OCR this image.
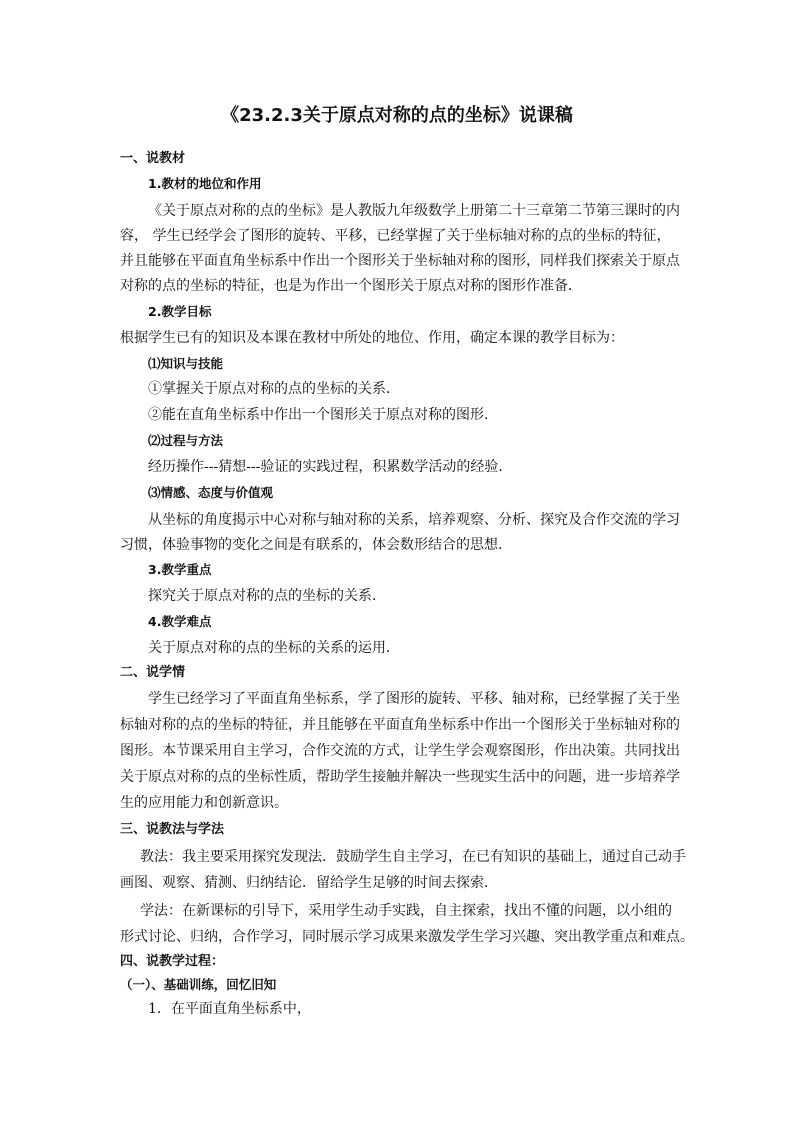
《23.2.3关于原点对称的点的坐标》说课稿
一、说教材
1.教材的地位和作用
《关于原点对称的点的坐标》是人教版九年级数学上册第二十三章第二节第三课时的内
容， 学生已经学会了图形的旋转、平移，已经掌握了关于坐标轴对称的点的坐标的特征，
并且能够在平面直角坐标系中作出一个图形关于坐标轴对称的图形，同样我们探索关于原点
对称的点的坐标的特征，也是为作出一个图形关于原点对称的图形作准备．
2.教学目标
根据学生已有的知识及本课在教材中所处的地位、作用，确定本课的教学目标为：
⑴知识与技能
①掌握关于原点对称的点的坐标的关系．
②能在直角坐标系中作出一个图形关于原点对称的图形．
⑵过程与方法
经历操作---猜想---验证的实践过程，积累数学活动的经验．
⑶情感、态度与价值观
从坐标的角度揭示中心对称与轴对称的关系，培养观察、分析、探究及合作交流的学习
习惯，体验事物的变化之间是有联系的，体会数形结合的思想．
3.教学重点
探究关于原点对称的点的坐标的关系．
4.教学难点
关于原点对称的点的坐标的关系的运用．
二、说学情
学生已经学习了平面直角坐标系，学了图形的旋转、平移、轴对称，已经掌握了关于坐
标轴对称的点的坐标的特征，并且能够在平面直角坐标系中作出一个图形关于坐标轴对称的
图形。本节课采用自主学习，合作交流的方式，让学生学会观察图形，作出决策。共同找出
关于原点对称的点的坐标性质，帮助学生接触并解决一些现实生活中的问题，进一步培养学
生的应用能力和创新意识。
三、说教法与学法
教法：我主要采用探究发现法．鼓励学生自主学习，在已有知识的基础上，通过自己动手
画图、观察、猜测、归纳结论．留给学生足够的时间去探索．
学法：在新课标的引导下，采用学生动手实践，自主探索，找出不懂的问题，以小组的
形式讨论、归纳，合作学习，同时展示学习成果来激发学生学习兴趣、突出教学重点和难点。
四、说教学过程：
（一）、基础训练，回忆旧知
1．在平面直角坐标系中，
